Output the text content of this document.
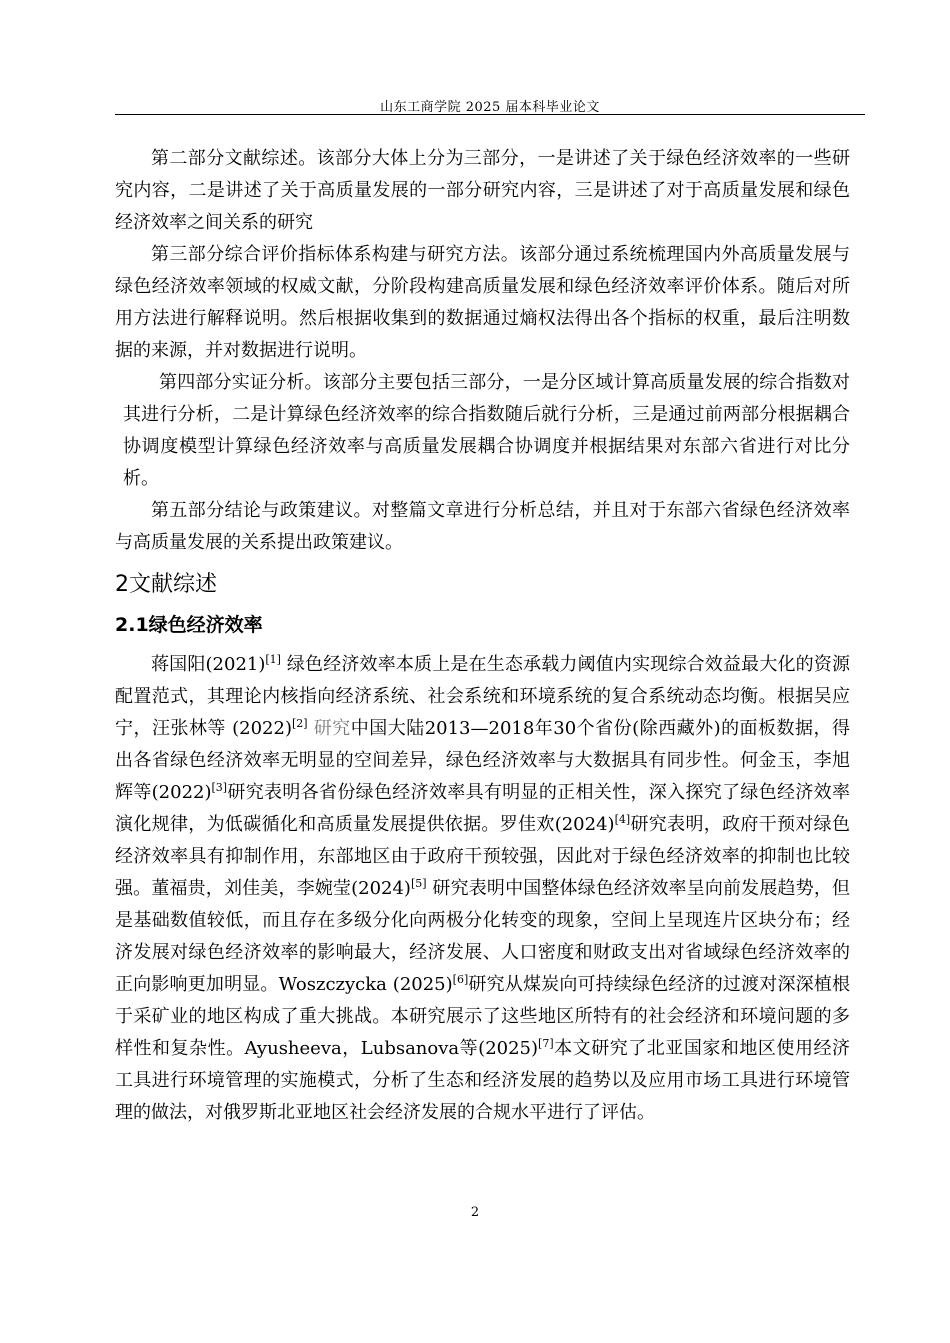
山东工商学院 2025 届本科毕业论文

第二部分文献综述。该部分大体上分为三部分，一是讲述了关于绿色经济效率的一些研究内容，二是讲述了关于高质量发展的一部分研究内容，三是讲述了对于高质量发展和绿色经济效率之间关系的研究

第三部分综合评价指标体系构建与研究方法。该部分通过系统梳理国内外高质量发展与绿色经济效率领域的权威文献，分阶段构建高质量发展和绿色经济效率评价体系。随后对所用方法进行解释说明。然后根据收集到的数据通过熵权法得出各个指标的权重，最后注明数据的来源，并对数据进行说明。

第四部分实证分析。该部分主要包括三部分，一是分区域计算高质量发展的综合指数对其进行分析，二是计算绿色经济效率的综合指数随后就行分析，三是通过前两部分根据耦合协调度模型计算绿色经济效率与高质量发展耦合协调度并根据结果对东部六省进行对比分析。

第五部分结论与政策建议。对整篇文章进行分析总结，并且对于东部六省绿色经济效率与高质量发展的关系提出政策建议。

2文献综述
2.1绿色经济效率

蒋国阳(2021)[1] 绿色经济效率本质上是在生态承载力阈值内实现综合效益最大化的资源配置范式，其理论内核指向经济系统、社会系统和环境系统的复合系统动态均衡。根据吴应宁，汪张林等 (2022)[2] 研究中国大陆2013—2018年30个省份(除西藏外)的面板数据，得出各省绿色经济效率无明显的空间差异，绿色经济效率与大数据具有同步性。何金玉，李旭辉等(2022)[3]研究表明各省份绿色经济效率具有明显的正相关性，深入探究了绿色经济效率演化规律，为低碳循化和高质量发展提供依据。罗佳欢(2024)[4]研究表明，政府干预对绿色经济效率具有抑制作用，东部地区由于政府干预较强，因此对于绿色经济效率的抑制也比较强。董福贵，刘佳美，李婉莹(2024)[5] 研究表明中国整体绿色经济效率呈向前发展趋势，但是基础数值较低，而且存在多级分化向两极分化转变的现象，空间上呈现连片区块分布；经济发展对绿色经济效率的影响最大，经济发展、人口密度和财政支出对省域绿色经济效率的正向影响更加明显。Woszczycka (2025)[6]研究从煤炭向可持续绿色经济的过渡对深深植根于采矿业的地区构成了重大挑战。本研究展示了这些地区所特有的社会经济和环境问题的多样性和复杂性。Ayusheeva，Lubsanova等(2025)[7]本文研究了北亚国家和地区使用经济工具进行环境管理的实施模式，分析了生态和经济发展的趋势以及应用市场工具进行环境管理的做法，对俄罗斯北亚地区社会经济发展的合规水平进行了评估。

2
